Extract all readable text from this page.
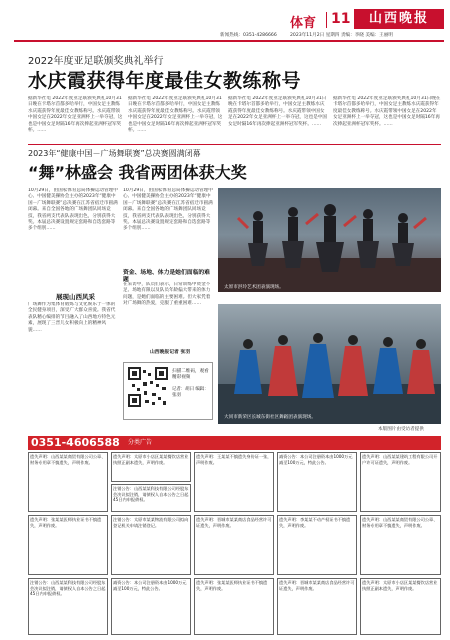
体育 11	山西晚报
新闻热线：0351-4286666	2023年11月2日 星期四 责编：李晓 美编：王丽明
2022年度亚足联颁奖典礼举行
水庆霞获得年度最佳女教练称号
据新华社电 2022年度亚足联颁奖典礼10月31日晚在卡塔尔首都多哈举行，中国女足主教练水庆霞获得年度最佳女教练称号。水庆霞带领中国女足在2022年女足亚洲杯上一举夺冠，这也是中国女足时隔16年再次捧起亚洲杯冠军奖杯。……
据新华社电 2022年度亚足联颁奖典礼10月31日晚在卡塔尔首都多哈举行，中国女足主教练水庆霞获得年度最佳女教练称号。水庆霞带领中国女足在2022年女足亚洲杯上一举夺冠，这也是中国女足时隔16年再次捧起亚洲杯冠军奖杯。……
据新华社电 2022年度亚足联颁奖典礼10月31日晚在卡塔尔首都多哈举行，中国女足主教练水庆霞获得年度最佳女教练称号。水庆霞带领中国女足在2022年女足亚洲杯上一举夺冠，这也是中国女足时隔16年再次捧起亚洲杯冠军奖杯。……
据新华社电 2022年度亚足联颁奖典礼10月31日晚在卡塔尔首都多哈举行，中国女足主教练水庆霞获得年度最佳女教练称号。水庆霞带领中国女足在2022年女足亚洲杯上一举夺冠，这也是中国女足时隔16年再次捧起亚洲杯冠军奖杯。……
2023年“健康中国－广场舞联赛”总决赛圆满闭幕
“舞”林盛会 我省两团体获大奖
10月29日，由国家体育总局体操运动管理中心、中国健美操协会主办的2023年“健康中国－广场舞联赛”总决赛在江苏省宿迁市圆满闭幕。来自全国各地的广场舞团队同场竞技，我省两支代表队表现出色，分别获得大奖。本届总决赛设置规定套路和自选套路等多个组别……
展现山西风采
广场舞作为集体育锻炼与文化娱乐于一体的全民健身项目，深受广大群众喜爱。我省代表队精心编排的节目融入了山西地方特色元素，展现了三晋儿女积极向上的精神风貌……
10月29日，由国家体育总局体操运动管理中心、中国健美操协会主办的2023年“健康中国－广场舞联赛”总决赛在江苏省宿迁市圆满闭幕。来自全国各地的广场舞团队同场竞技，我省两支代表队表现出色，分别获得大奖。本届总决赛设置规定套路和自选套路等多个组别……
资金、场地、体力是她们面临的难题
在采访中，队员们表示，日常训练中资金不足、场地有限以及队员年龄偏大带来的体力问题，是她们面临的主要困难。但大家凭着对广场舞的热爱，克服了重重困难……
山西晚报记者 张羽
扫描二维码，观看精彩视频
记者：胡曰 编辑：张羽
太原市洪玲艺术团表演现场。
大同市新荣区长城东街社区舞蹈团表演现场。
本版图片由受访者提供
0351-4606588 分类广告
遗失声明：山西某某商贸有限公司公章、财务专用章不慎遗失，声明作废。
遗失声明：太原市小店区某某餐饮店营业执照正副本遗失，声明作废。
注销公告：山西某某科技有限公司经股东会决议拟注销，请债权人自本公告之日起45日内申报债权。
遗失声明：王某某不慎遗失身份证一张，声明作废。
减资公告：本公司注册资本由1000万元减至100万元，特此公告。
遗失声明：山西某某建筑工程有限公司开户许可证遗失，声明作废。
遗失声明：张某某医师执业证书不慎遗失，声明作废。
注销公告：太原市某某物流有限公司拟向登记机关申请注销登记。
遗失声明：晋城市某某商店食品经营许可证遗失，声明作废。
遗失声明：李某某不动产权证书不慎遗失，声明作废。
遗失声明：山西某某商贸有限公司公章、财务专用章不慎遗失，声明作废。
注销公告：山西某某科技有限公司经股东会决议拟注销，请债权人自本公告之日起45日内申报债权。
减资公告：本公司注册资本由1000万元减至100万元，特此公告。
遗失声明：张某某医师执业证书不慎遗失，声明作废。
遗失声明：晋城市某某商店食品经营许可证遗失，声明作废。
遗失声明：太原市小店区某某餐饮店营业执照正副本遗失，声明作废。
